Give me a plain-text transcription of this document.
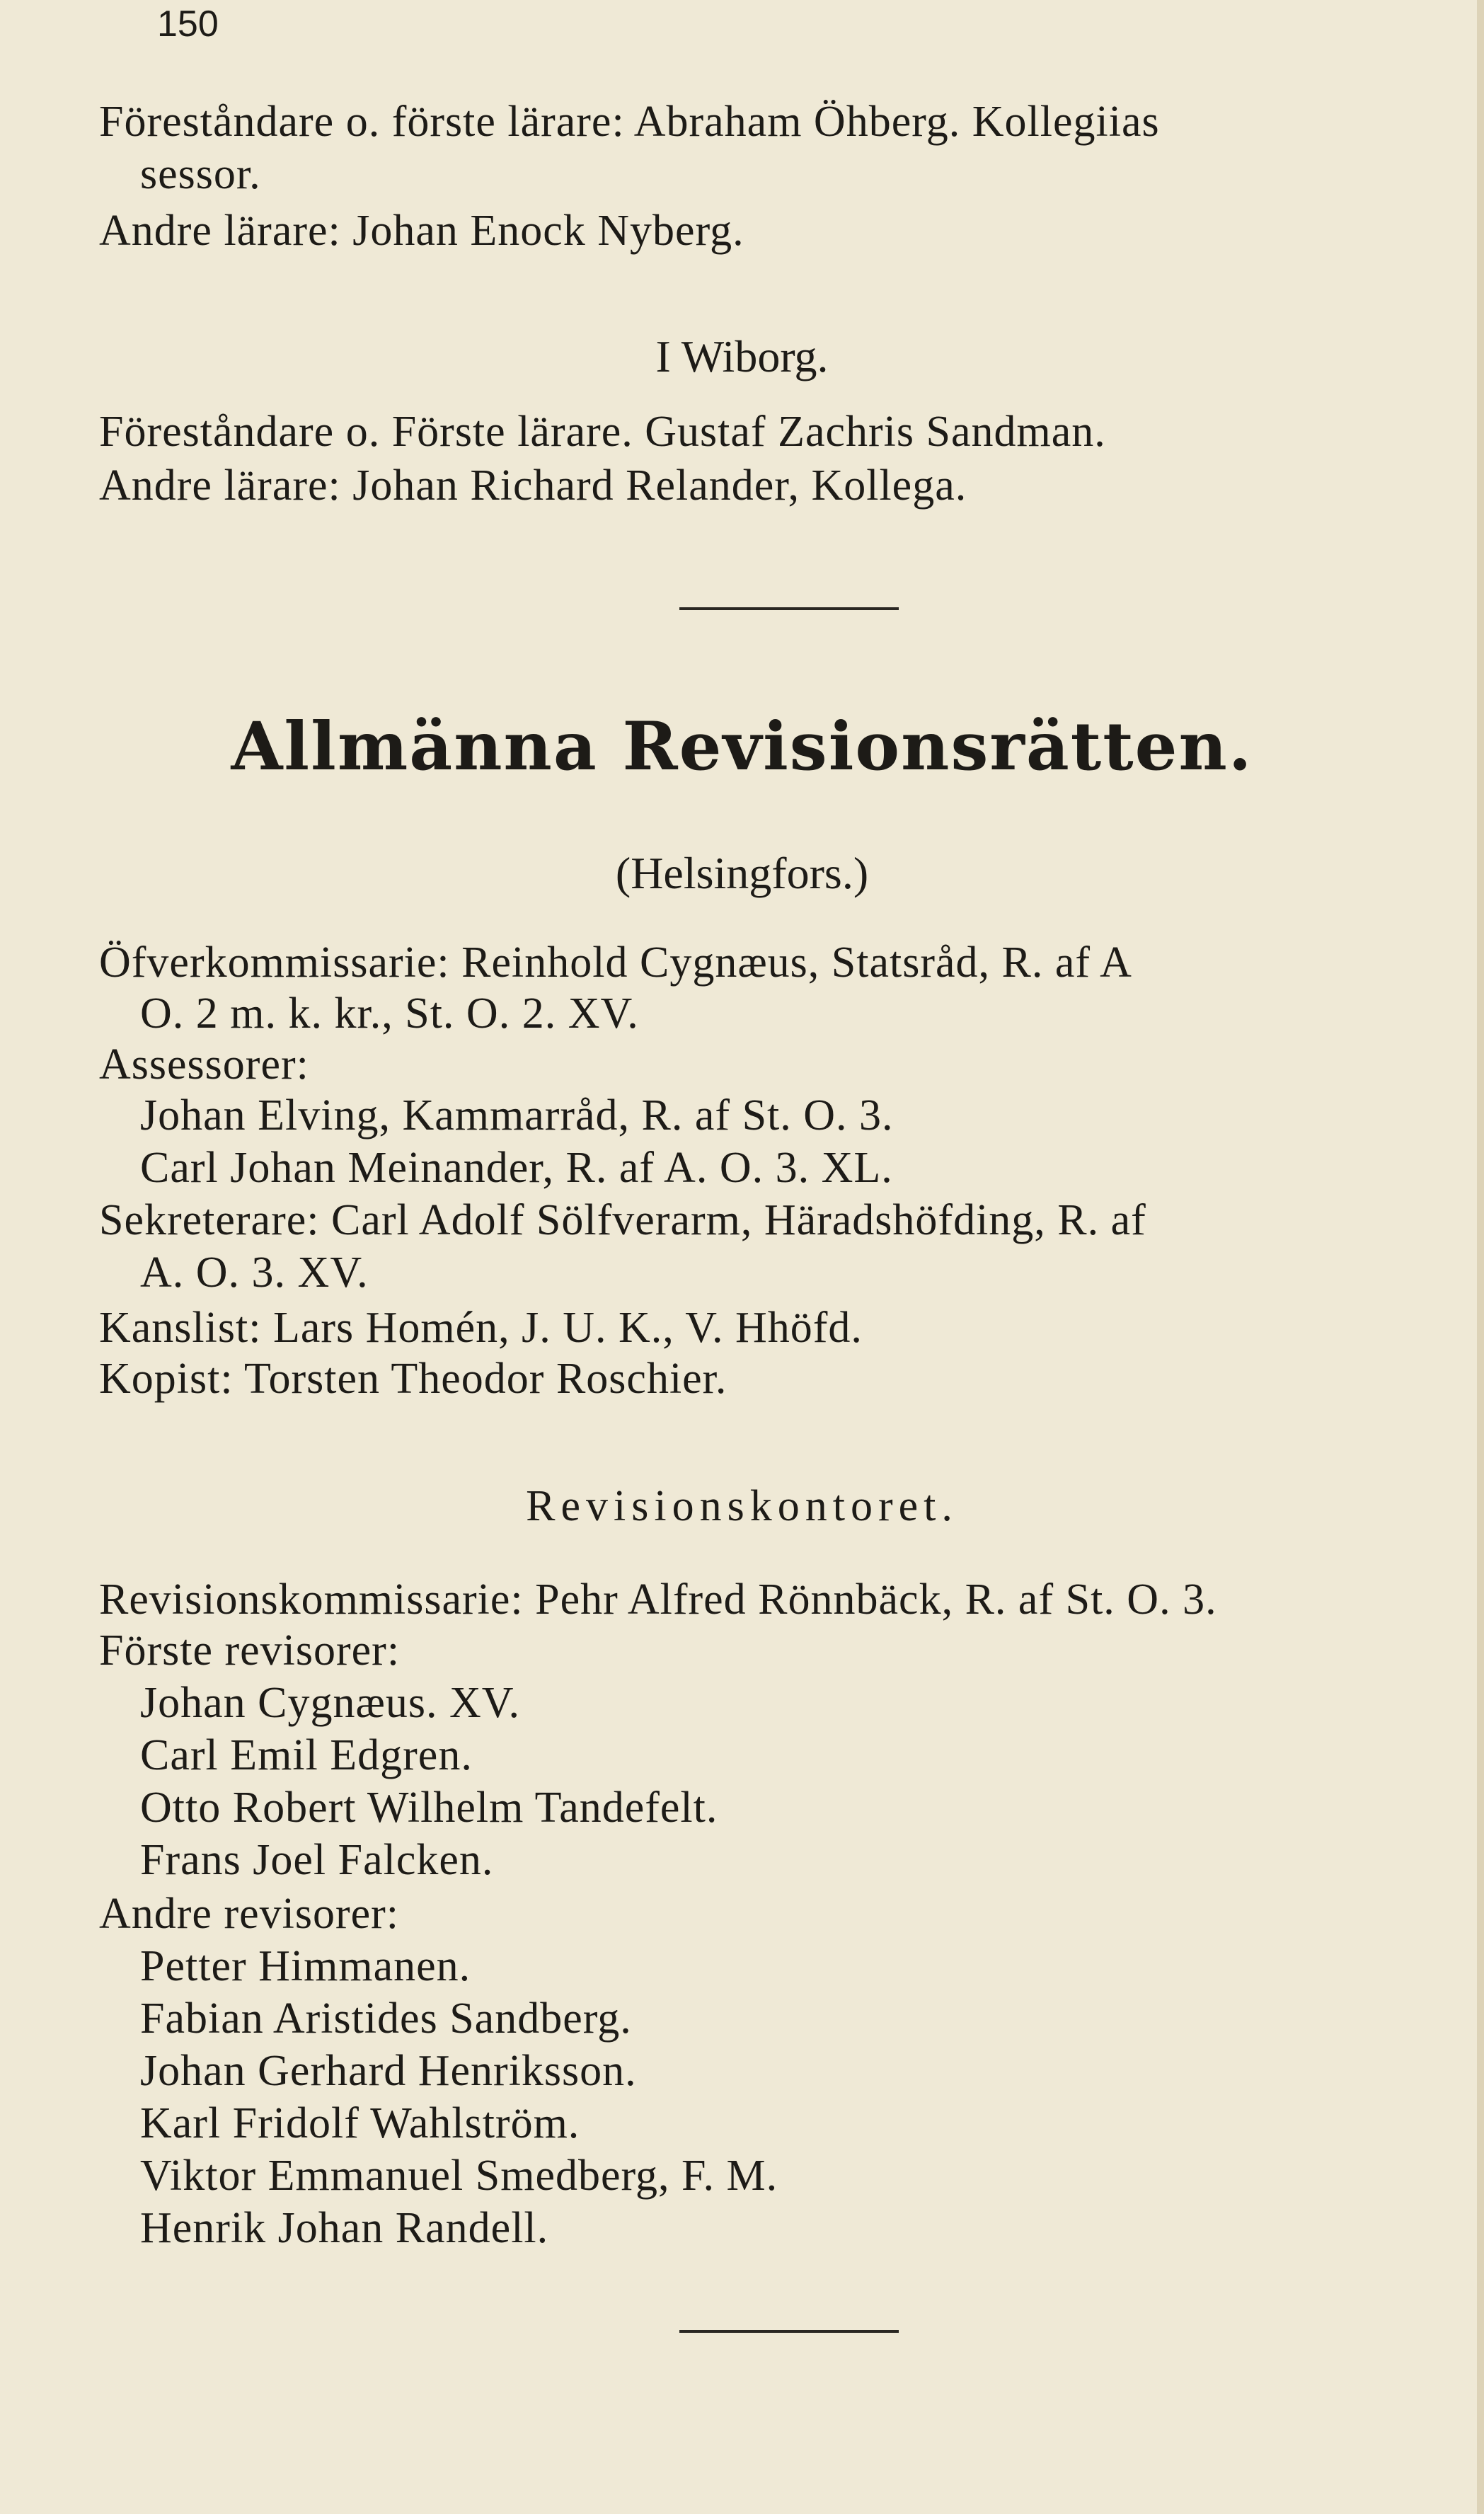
150
Föreståndare o. förste lärare: Abraham Öhberg. Kollegiias
sessor.
Andre lärare: Johan Enock Nyberg.
I Wiborg.
Föreståndare o. Förste lärare. Gustaf Zachris Sandman.
Andre lärare: Johan Richard Relander, Kollega.
Allmänna Revisionsrätten.
(Helsingfors.)
Öfverkommissarie: Reinhold Cygnæus, Statsråd, R. af A
O. 2 m. k. kr., St. O. 2. XV.
Assessorer:
Johan Elving, Kammarråd, R. af St. O. 3.
Carl Johan Meinander, R. af A. O. 3. XL.
Sekreterare: Carl Adolf Sölfverarm, Häradshöfding, R. af
A. O. 3. XV.
Kanslist: Lars Homén, J. U. K., V. Hhöfd.
Kopist: Torsten Theodor Roschier.
Revisionskontoret.
Revisionskommissarie: Pehr Alfred Rönnbäck, R. af St. O. 3.
Förste revisorer:
Johan Cygnæus. XV.
Carl Emil Edgren.
Otto Robert Wilhelm Tandefelt.
Frans Joel Falcken.
Andre revisorer:
Petter Himmanen.
Fabian Aristides Sandberg.
Johan Gerhard Henriksson.
Karl Fridolf Wahlström.
Viktor Emmanuel Smedberg, F. M.
Henrik Johan Randell.
